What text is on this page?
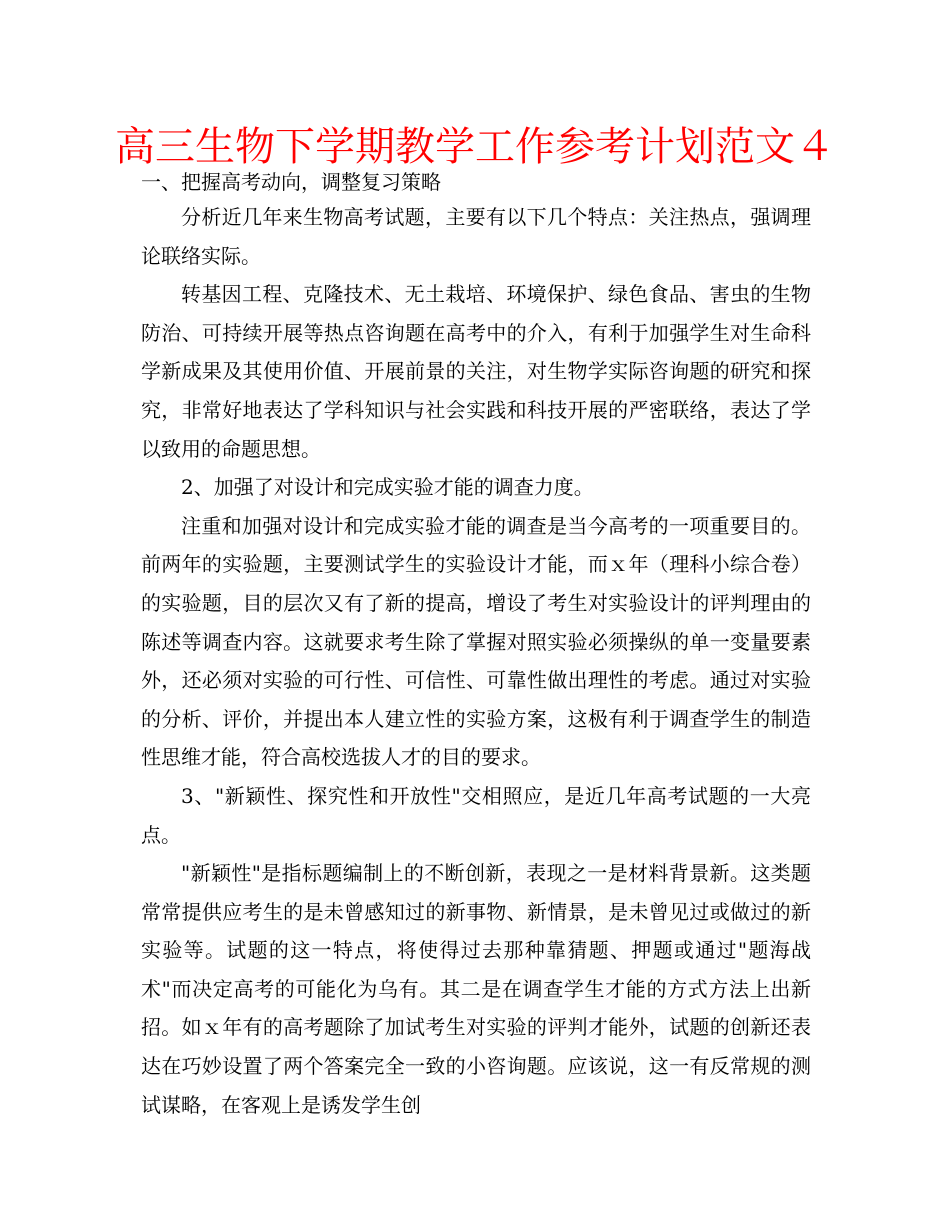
高三生物下学期教学工作参考计划范文４
一、把握高考动向，调整复习策略

分析近几年来生物高考试题，主要有以下几个特点：关注热点，强调理论联络实际。

转基因工程、克隆技术、无土栽培、环境保护、绿色食品、害虫的生物防治、可持续开展等热点咨询题在高考中的介入，有利于加强学生对生命科学新成果及其使用价值、开展前景的关注，对生物学实际咨询题的研究和探究，非常好地表达了学科知识与社会实践和科技开展的严密联络，表达了学以致用的命题思想。

2、加强了对设计和完成实验才能的调查力度。

注重和加强对设计和完成实验才能的调查是当今高考的一项重要目的。前两年的实验题，主要测试学生的实验设计才能，而ｘ年（理科小综合卷）的实验题，目的层次又有了新的提高，增设了考生对实验设计的评判理由的陈述等调查内容。这就要求考生除了掌握对照实验必须操纵的单一变量要素外，还必须对实验的可行性、可信性、可靠性做出理性的考虑。通过对实验的分析、评价，并提出本人建立性的实验方案，这极有利于调查学生的制造性思维才能，符合高校选拔人才的目的要求。

3、"新颖性、探究性和开放性"交相照应，是近几年高考试题的一大亮点。

"新颖性"是指标题编制上的不断创新，表现之一是材料背景新。这类题常常提供应考生的是未曾感知过的新事物、新情景，是未曾见过或做过的新实验等。试题的这一特点，将使得过去那种靠猜题、押题或通过"题海战术"而决定高考的可能化为乌有。其二是在调查学生才能的方式方法上出新招。如ｘ年有的高考题除了加试考生对实验的评判才能外，试题的创新还表达在巧妙设置了两个答案完全一致的小咨询题。应该说，这一有反常规的测试谋略，在客观上是诱发学生创
